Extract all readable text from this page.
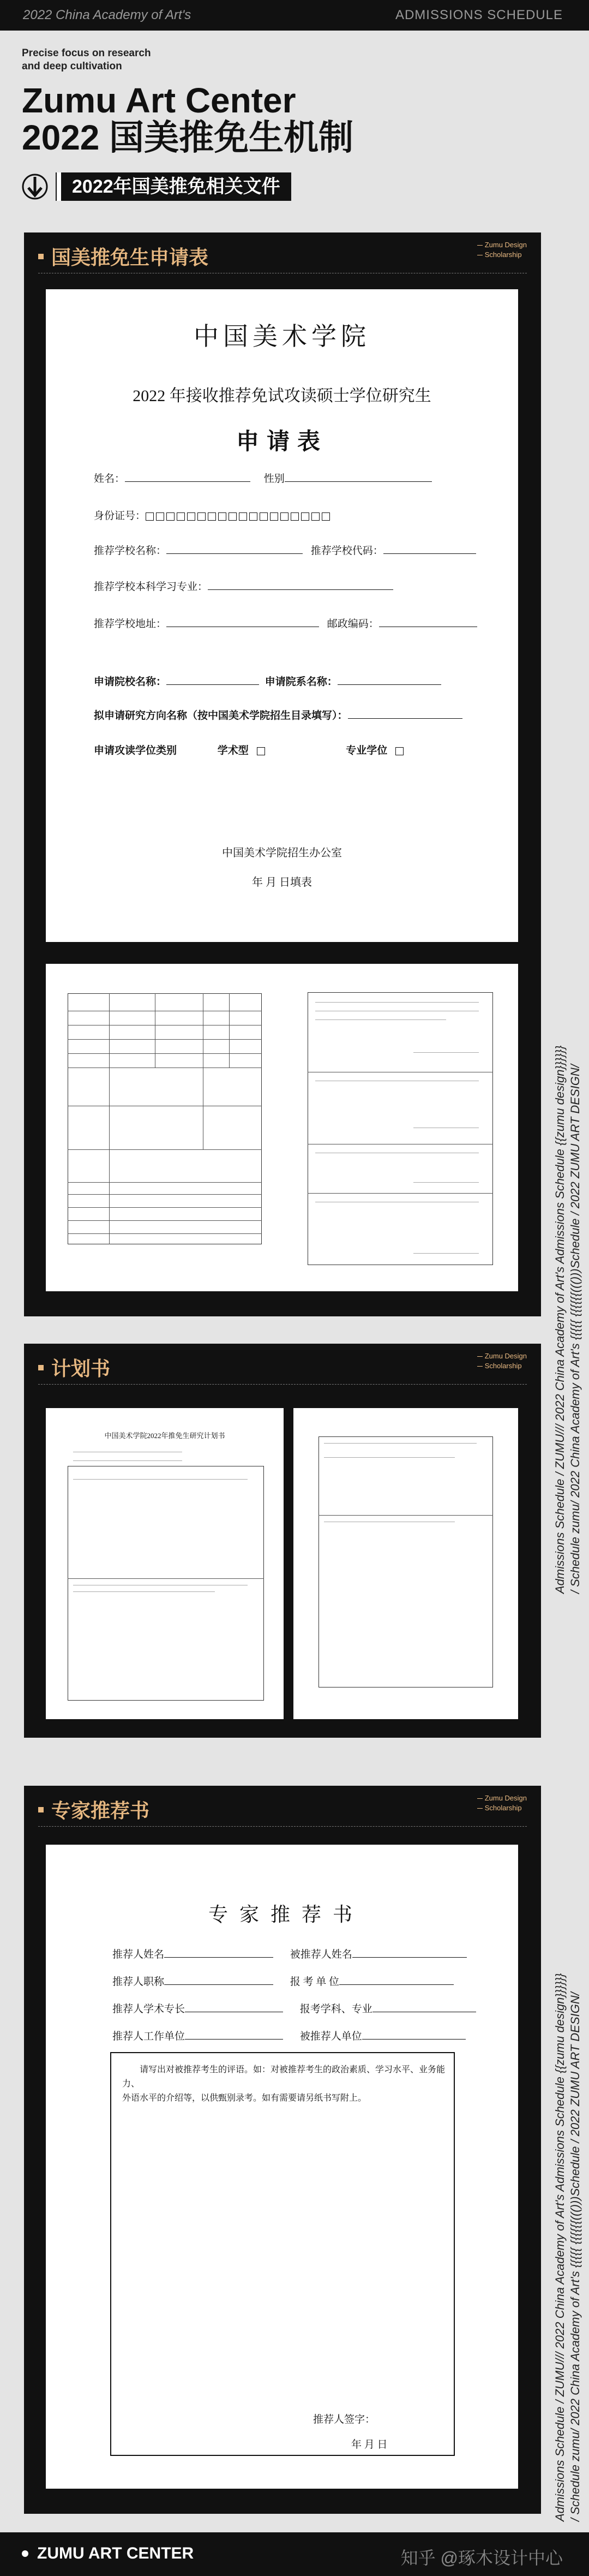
2022 China Academy of Art's	ADMISSIONS SCHEDULE
Precise focus on research
and deep cultivation
Zumu Art Center
2022 国美推免生机制
2022年国美推免相关文件
Admissions Schedule / ZUMU/// 2022 China Academy of Art's Admissions Schedule {{zumu design}}}}}} / Schedule zumu/ 2022 China Academy of Art's {{{{{ {{{{{{((()))Schedule / 2022 ZUMU ART DESIGN/
Admissions Schedule / ZUMU/// 2022 China Academy of Art's Admissions Schedule {{zumu design}}}}}} / Schedule zumu/ 2022 China Academy of Art's {{{{{ {{{{{{((()))Schedule / 2022 ZUMU ART DESIGN/
国美推免生申请表
Zumu Design
Scholarship
中国美术学院
2022 年接收推荐免试攻读硕士学位研究生
申请表
姓名：	性别
身份证号：
推荐学校名称：	推荐学校代码：
推荐学校本科学习专业：
推荐学校地址：	邮政编码：
申请院校名称：	申请院系名称：
拟申请研究方向名称（按中国美术学院招生目录填写）：
申请攻读学位类别	学术型	专业学位
中国美术学院招生办公室
年 月 日填表
计划书
Zumu Design
Scholarship
中国美术学院2022年推免生研究计划书
专家推荐书
Zumu Design
Scholarship
专 家 推 荐 书
推荐人姓名	被推荐人姓名
推荐人职称	报 考 单 位
推荐人学术专长	报考学科、专业
推荐人工作单位	被推荐人单位
请写出对被推荐考生的评语。如：对被推荐考生的政治素质、学习水平、业务能力、
外语水平的介绍等，以供甄别录考。如有需要请另纸书写附上。
推荐人签字：
年 月 日
ZUMU ART CENTER	知乎 @琢木设计中心
